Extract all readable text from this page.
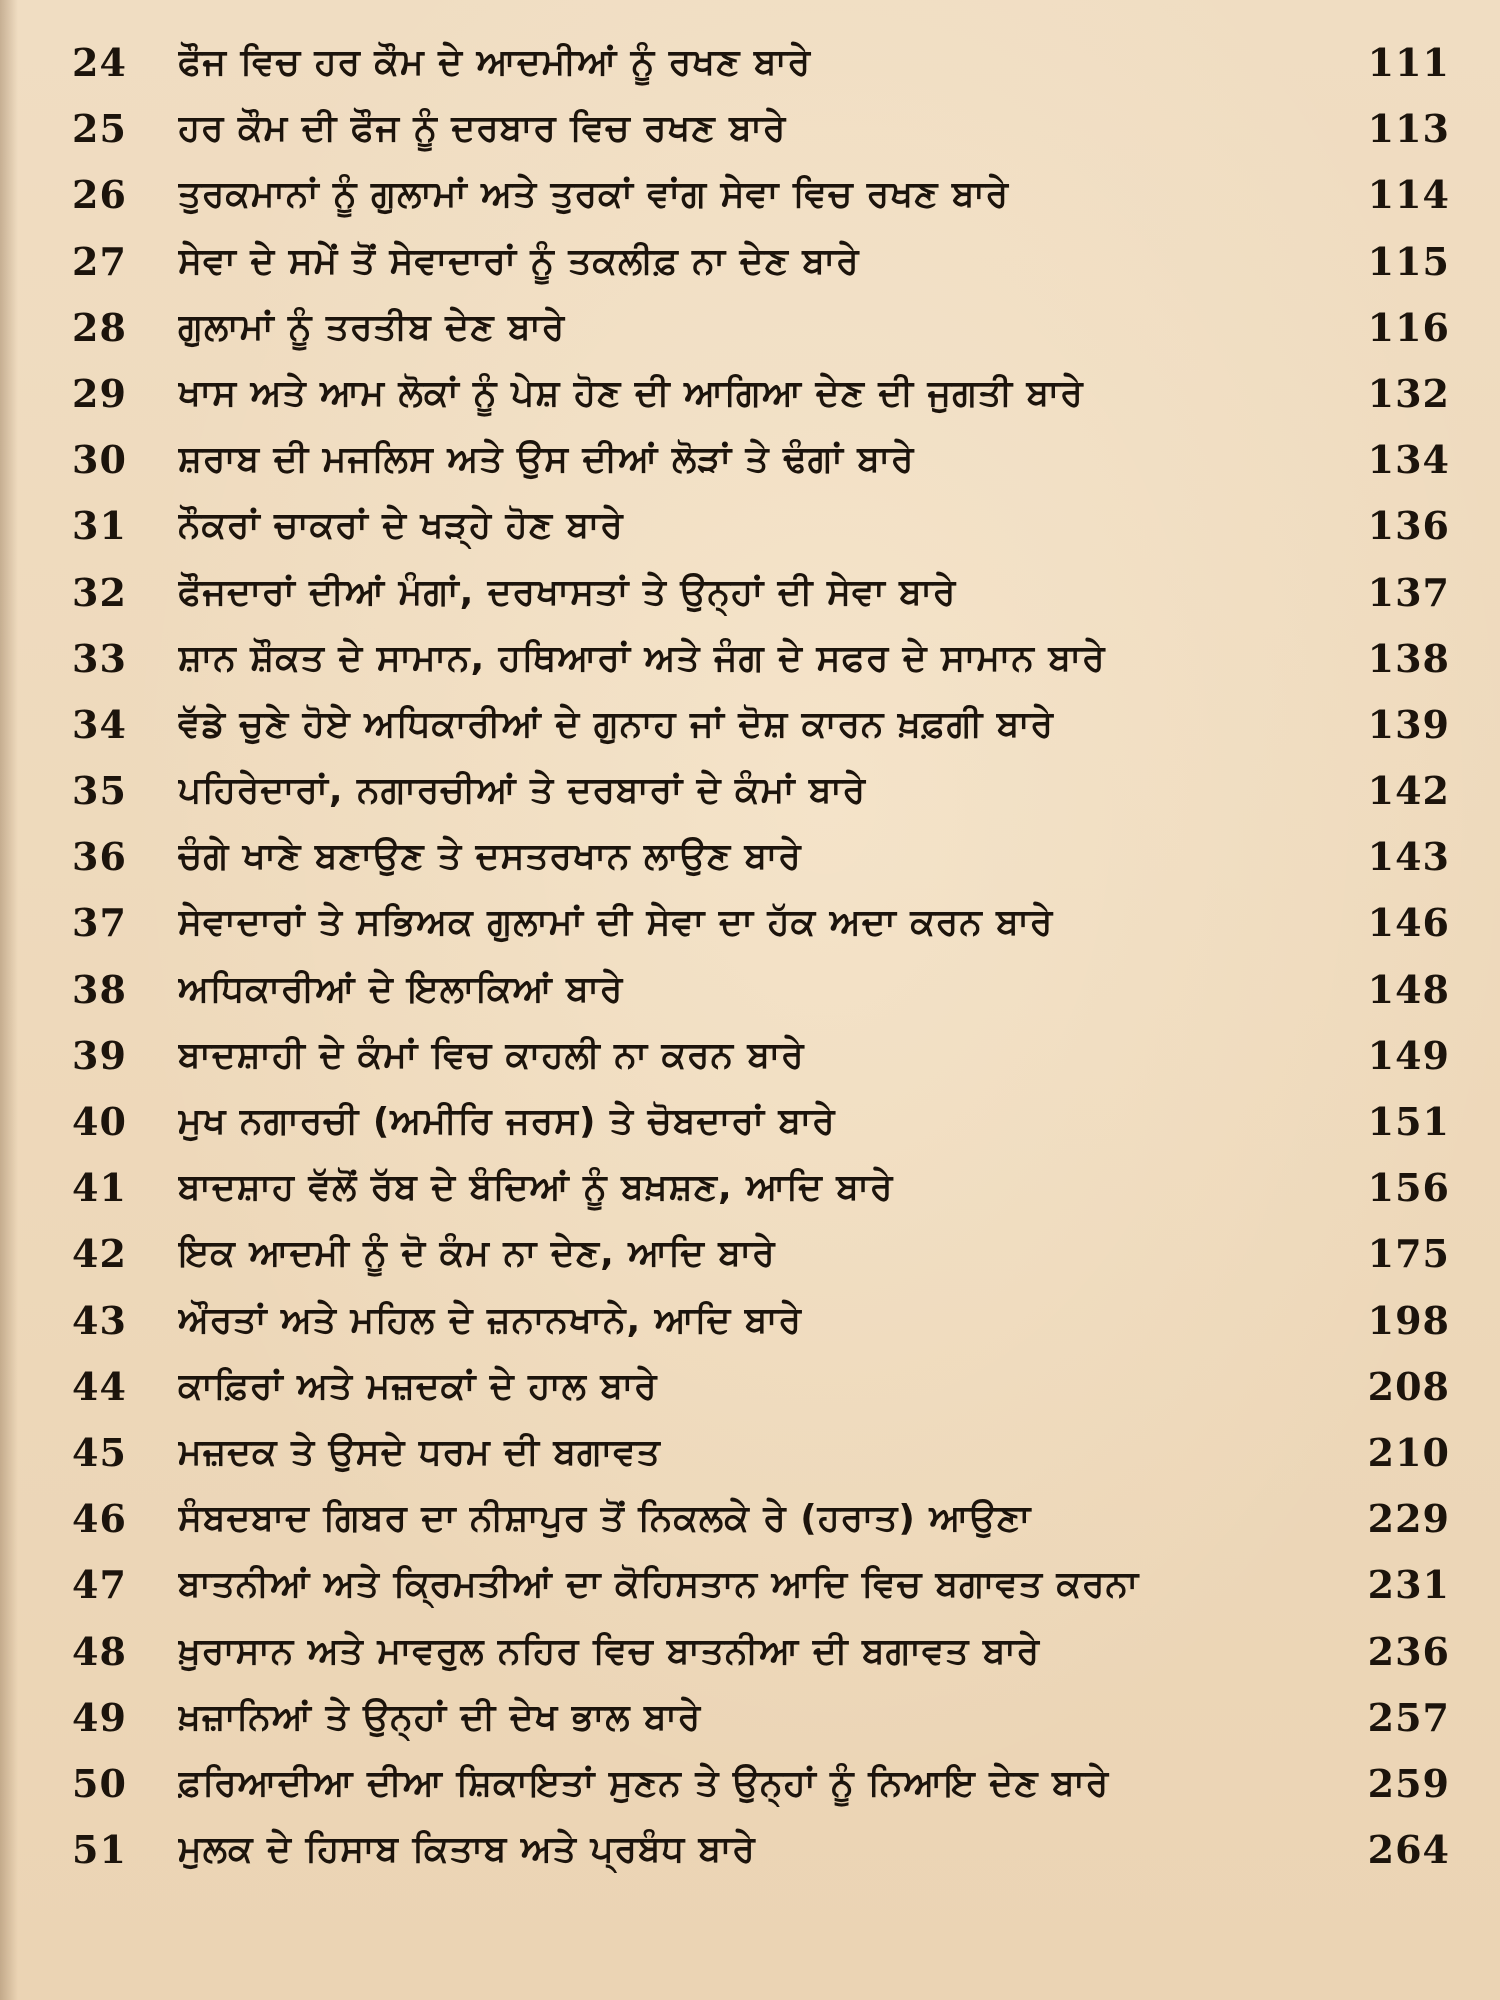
24	ਫੌਜ ਵਿਚ ਹਰ ਕੌਮ ਦੇ ਆਦਮੀਆਂ ਨੂੰ ਰਖਣ ਬਾਰੇ	111
25	ਹਰ ਕੌਮ ਦੀ ਫੌਜ ਨੂੰ ਦਰਬਾਰ ਵਿਚ ਰਖਣ ਬਾਰੇ	113
26	ਤੁਰਕਮਾਨਾਂ ਨੂੰ ਗੁਲਾਮਾਂ ਅਤੇ ਤੁਰਕਾਂ ਵਾਂਗ ਸੇਵਾ ਵਿਚ ਰਖਣ ਬਾਰੇ	114
27	ਸੇਵਾ ਦੇ ਸਮੇਂ ਤੋਂ ਸੇਵਾਦਾਰਾਂ ਨੂੰ ਤਕਲੀਫ਼ ਨਾ ਦੇਣ ਬਾਰੇ	115
28	ਗੁਲਾਮਾਂ ਨੂੰ ਤਰਤੀਬ ਦੇਣ ਬਾਰੇ	116
29	ਖਾਸ ਅਤੇ ਆਮ ਲੋਕਾਂ ਨੂੰ ਪੇਸ਼ ਹੋਣ ਦੀ ਆਗਿਆ ਦੇਣ ਦੀ ਜੁਗਤੀ ਬਾਰੇ	132
30	ਸ਼ਰਾਬ ਦੀ ਮਜਲਿਸ ਅਤੇ ਉਸ ਦੀਆਂ ਲੋੜਾਂ ਤੇ ਢੰਗਾਂ ਬਾਰੇ	134
31	ਨੌਕਰਾਂ ਚਾਕਰਾਂ ਦੇ ਖੜ੍ਹੇ ਹੋਣ ਬਾਰੇ	136
32	ਫੌਜਦਾਰਾਂ ਦੀਆਂ ਮੰਗਾਂ, ਦਰਖਾਸਤਾਂ ਤੇ ਉਨ੍ਹਾਂ ਦੀ ਸੇਵਾ ਬਾਰੇ	137
33	ਸ਼ਾਨ ਸ਼ੌਕਤ ਦੇ ਸਾਮਾਨ, ਹਥਿਆਰਾਂ ਅਤੇ ਜੰਗ ਦੇ ਸਫਰ ਦੇ ਸਾਮਾਨ ਬਾਰੇ	138
34	ਵੱਡੇ ਚੁਣੇ ਹੋਏ ਅਧਿਕਾਰੀਆਂ ਦੇ ਗੁਨਾਹ ਜਾਂ ਦੋਸ਼ ਕਾਰਨ ਖ਼ਫ਼ਗੀ ਬਾਰੇ	139
35	ਪਹਿਰੇਦਾਰਾਂ, ਨਗਾਰਚੀਆਂ ਤੇ ਦਰਬਾਰਾਂ ਦੇ ਕੰਮਾਂ ਬਾਰੇ	142
36	ਚੰਗੇ ਖਾਣੇ ਬਣਾਉਣ ਤੇ ਦਸਤਰਖਾਨ ਲਾਉਣ ਬਾਰੇ	143
37	ਸੇਵਾਦਾਰਾਂ ਤੇ ਸਭਿਅਕ ਗੁਲਾਮਾਂ ਦੀ ਸੇਵਾ ਦਾ ਹੱਕ ਅਦਾ ਕਰਨ ਬਾਰੇ	146
38	ਅਧਿਕਾਰੀਆਂ ਦੇ ਇਲਾਕਿਆਂ ਬਾਰੇ	148
39	ਬਾਦਸ਼ਾਹੀ ਦੇ ਕੰਮਾਂ ਵਿਚ ਕਾਹਲੀ ਨਾ ਕਰਨ ਬਾਰੇ	149
40	ਮੁਖ ਨਗਾਰਚੀ (ਅਮੀਰਿ ਜਰਸ) ਤੇ ਚੋਬਦਾਰਾਂ ਬਾਰੇ	151
41	ਬਾਦਸ਼ਾਹ ਵੱਲੋਂ ਰੱਬ ਦੇ ਬੰਦਿਆਂ ਨੂੰ ਬਖ਼ਸ਼ਣ, ਆਦਿ ਬਾਰੇ	156
42	ਇਕ ਆਦਮੀ ਨੂੰ ਦੋ ਕੰਮ ਨਾ ਦੇਣ, ਆਦਿ ਬਾਰੇ	175
43	ਔਰਤਾਂ ਅਤੇ ਮਹਿਲ ਦੇ ਜ਼ਨਾਨਖਾਨੇ, ਆਦਿ ਬਾਰੇ	198
44	ਕਾਫ਼ਿਰਾਂ ਅਤੇ ਮਜ਼ਦਕਾਂ ਦੇ ਹਾਲ ਬਾਰੇ	208
45	ਮਜ਼ਦਕ ਤੇ ਉਸਦੇ ਧਰਮ ਦੀ ਬਗਾਵਤ	210
46	ਸੰਬਦਬਾਦ ਗਿਬਰ ਦਾ ਨੀਸ਼ਾਪੁਰ ਤੋਂ ਨਿਕਲਕੇ ਰੇ (ਹਰਾਤ) ਆਉਣਾ	229
47	ਬਾਤਨੀਆਂ ਅਤੇ ਕ੍ਰਿਮਤੀਆਂ ਦਾ ਕੋਹਿਸਤਾਨ ਆਦਿ ਵਿਚ ਬਗਾਵਤ ਕਰਨਾ	231
48	ਖ਼ੁਰਾਸਾਨ ਅਤੇ ਮਾਵਰੁਲ ਨਹਿਰ ਵਿਚ ਬਾਤਨੀਆ ਦੀ ਬਗਾਵਤ ਬਾਰੇ	236
49	ਖ਼ਜ਼ਾਨਿਆਂ ਤੇ ਉਨ੍ਹਾਂ ਦੀ ਦੇਖ ਭਾਲ ਬਾਰੇ	257
50	ਫ਼ਰਿਆਦੀਆ ਦੀਆ ਸ਼ਿਕਾਇਤਾਂ ਸੁਣਨ ਤੇ ਉਨ੍ਹਾਂ ਨੂੰ ਨਿਆਇ ਦੇਣ ਬਾਰੇ	259
51	ਮੁਲਕ ਦੇ ਹਿਸਾਬ ਕਿਤਾਬ ਅਤੇ ਪ੍ਰਬੰਧ ਬਾਰੇ	264
